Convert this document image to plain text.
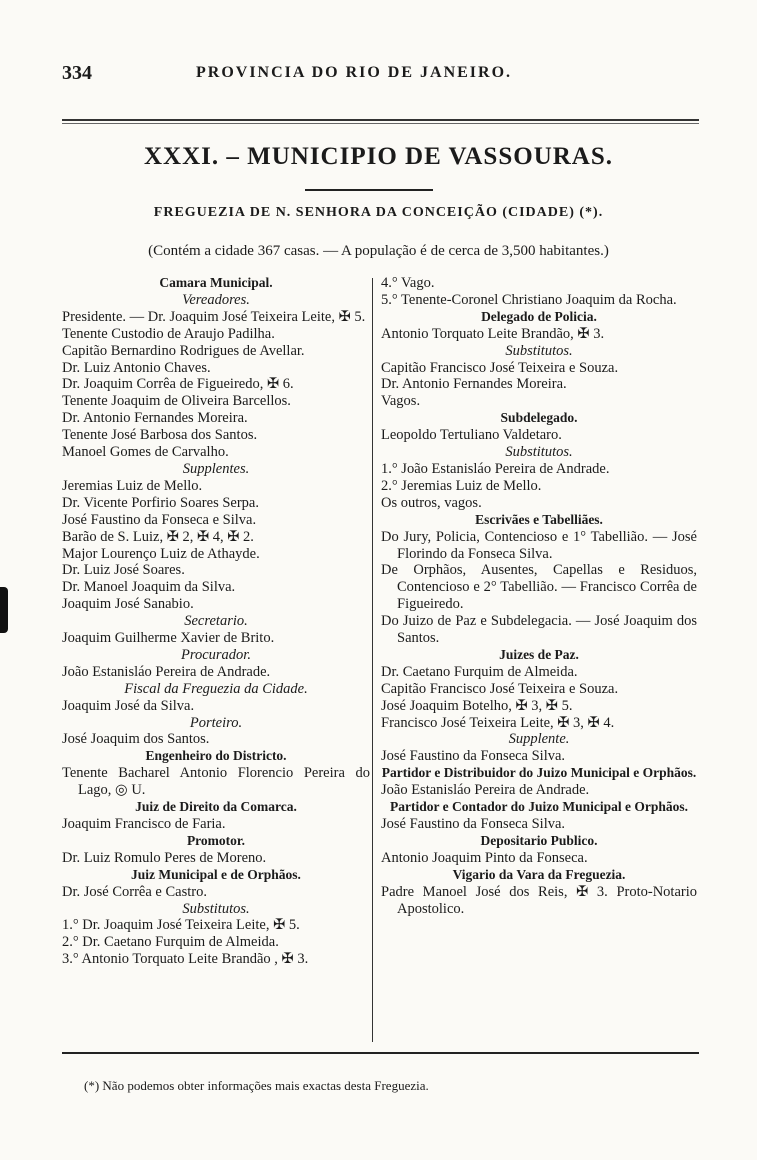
334	PROVINCIA DO RIO DE JANEIRO.
XXXI. – MUNICIPIO DE VASSOURAS.
FREGUEZIA DE N. SENHORA DA CONCEIÇÃO (CIDADE) (*).
(Contém a cidade 367 casas. — A população é de cerca de 3,500 habitantes.)
Camara Municipal.
Vereadores.
Presidente. — Dr. Joaquim José Teixeira Leite, ✠ 5.
Tenente Custodio de Araujo Padilha.
Capitão Bernardino Rodrigues de Avellar.
Dr. Luiz Antonio Chaves.
Dr. Joaquim Corrêa de Figueiredo, ✠ 6.
Tenente Joaquim de Oliveira Barcellos.
Dr. Antonio Fernandes Moreira.
Tenente José Barbosa dos Santos.
Manoel Gomes de Carvalho.
Supplentes.
Jeremias Luiz de Mello.
Dr. Vicente Porfirio Soares Serpa.
José Faustino da Fonseca e Silva.
Barão de S. Luiz, ✠ 2, ✠ 4, ✠ 2.
Major Lourenço Luiz de Athayde.
Dr. Luiz José Soares.
Dr. Manoel Joaquim da Silva.
Joaquim José Sanabio.
Secretario.
Joaquim Guilherme Xavier de Brito.
Procurador.
João Estanisláo Pereira de Andrade.
Fiscal da Freguezia da Cidade.
Joaquim José da Silva.
Porteiro.
José Joaquim dos Santos.
Engenheiro do Districto.
Tenente Bacharel Antonio Florencio Pereira do Lago, ◎ U.
Juiz de Direito da Comarca.
Joaquim Francisco de Faria.
Promotor.
Dr. Luiz Romulo Peres de Moreno.
Juiz Municipal e de Orphãos.
Dr. José Corrêa e Castro.
Substitutos.
1.° Dr. Joaquim José Teixeira Leite, ✠ 5.
2.° Dr. Caetano Furquim de Almeida.
3.° Antonio Torquato Leite Brandão , ✠ 3.
4.° Vago.
5.° Tenente-Coronel Christiano Joaquim da Rocha.
Delegado de Policia.
Antonio Torquato Leite Brandão, ✠ 3.
Substitutos.
Capitão Francisco José Teixeira e Souza.
Dr. Antonio Fernandes Moreira.
Vagos.
Subdelegado.
Leopoldo Tertuliano Valdetaro.
Substitutos.
1.° João Estanisláo Pereira de Andrade.
2.° Jeremias Luiz de Mello.
Os outros, vagos.
Escrivães e Tabelliães.
Do Jury, Policia, Contencioso e 1° Tabellião. — José Florindo da Fonseca Silva.
De Orphãos, Ausentes, Capellas e Residuos, Contencioso e 2° Tabellião. — Francisco Corrêa de Figueiredo.
Do Juizo de Paz e Subdelegacia. — José Joaquim dos Santos.
Juizes de Paz.
Dr. Caetano Furquim de Almeida.
Capitão Francisco José Teixeira e Souza.
José Joaquim Botelho, ✠ 3, ✠ 5.
Francisco José Teixeira Leite, ✠ 3, ✠ 4.
Supplente.
José Faustino da Fonseca Silva.
Partidor e Distribuidor do Juizo Municipal e Orphãos.
João Estanisláo Pereira de Andrade.
Partidor e Contador do Juizo Municipal e Orphãos.
José Faustino da Fonseca Silva.
Depositario Publico.
Antonio Joaquim Pinto da Fonseca.
Vigario da Vara da Freguezia.
Padre Manoel José dos Reis, ✠ 3. Proto-Notario Apostolico.
(*) Não podemos obter informações mais exactas desta Freguezia.
